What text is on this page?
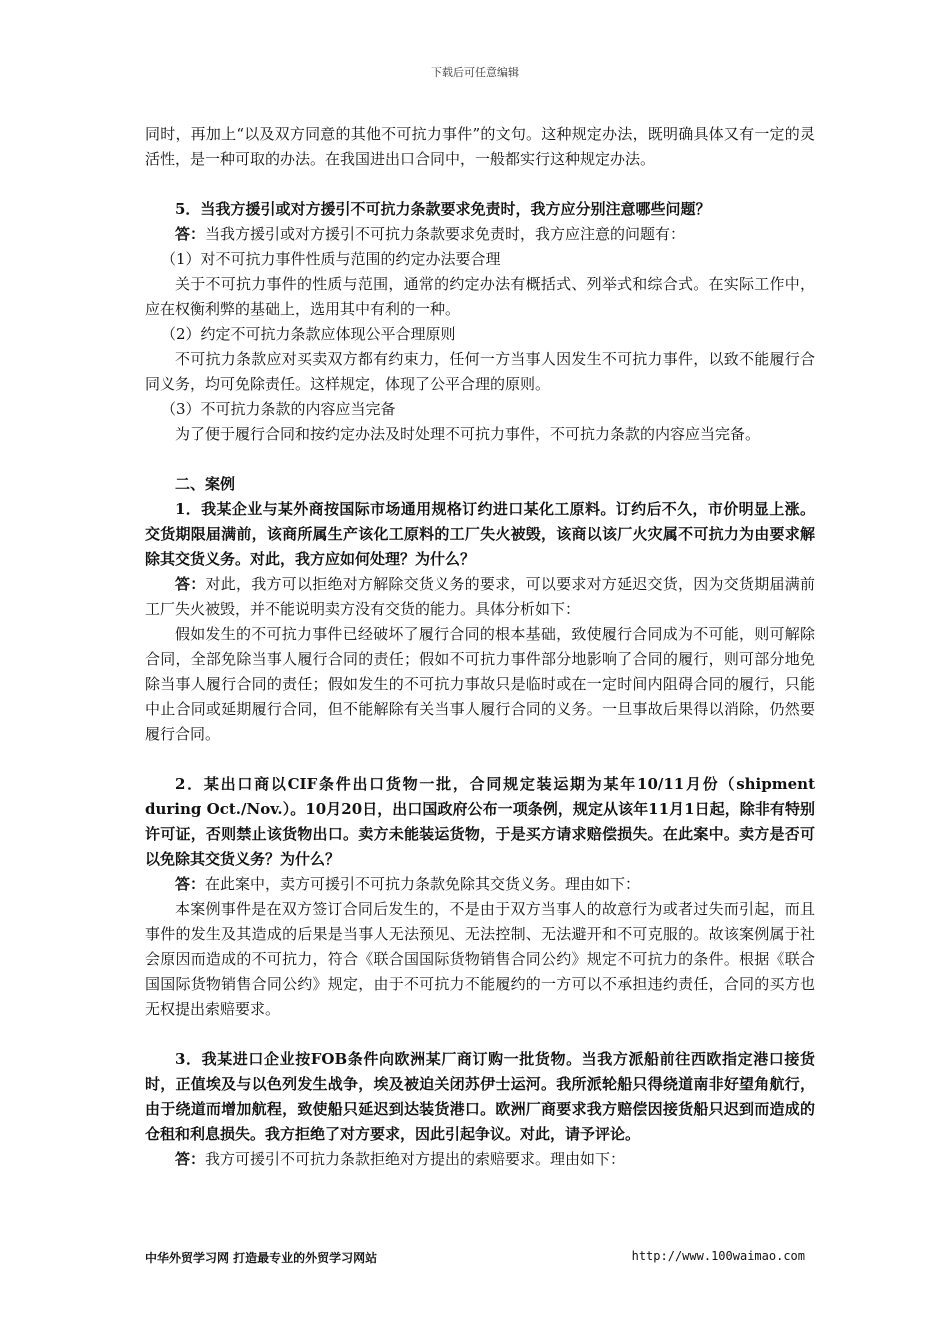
下载后可任意编辑

同时，再加上“以及双方同意的其他不可抗力事件”的文句。这种规定办法，既明确具体又有一定的灵活性，是一种可取的办法。在我国进出口合同中，一般都实行这种规定办法。

5．当我方援引或对方援引不可抗力条款要求免责时，我方应分别注意哪些问题？

答：当我方援引或对方援引不可抗力条款要求免责时，我方应注意的问题有：

（1）对不可抗力事件性质与范围的约定办法要合理

关于不可抗力事件的性质与范围，通常的约定办法有概括式、列举式和综合式。在实际工作中，应在权衡利弊的基础上，选用其中有利的一种。

（2）约定不可抗力条款应体现公平合理原则

不可抗力条款应对买卖双方都有约束力，任何一方当事人因发生不可抗力事件，以致不能履行合同义务，均可免除责任。这样规定，体现了公平合理的原则。

（3）不可抗力条款的内容应当完备

为了便于履行合同和按约定办法及时处理不可抗力事件，不可抗力条款的内容应当完备。

二、案例

1．我某企业与某外商按国际市场通用规格订约进口某化工原料。订约后不久，市价明显上涨。交货期限届满前，该商所属生产该化工原料的工厂失火被毁，该商以该厂火灾属不可抗力为由要求解除其交货义务。对此，我方应如何处理？为什么？

答：对此，我方可以拒绝对方解除交货义务的要求，可以要求对方延迟交货，因为交货期届满前工厂失火被毁，并不能说明卖方没有交货的能力。具体分析如下：

假如发生的不可抗力事件已经破坏了履行合同的根本基础，致使履行合同成为不可能，则可解除合同，全部免除当事人履行合同的责任；假如不可抗力事件部分地影响了合同的履行，则可部分地免除当事人履行合同的责任；假如发生的不可抗力事故只是临时或在一定时间内阻碍合同的履行，只能中止合同或延期履行合同，但不能解除有关当事人履行合同的义务。一旦事故后果得以消除，仍然要履行合同。

2．某出口商以CIF条件出口货物一批，合同规定装运期为某年10/11月份（shipment during Oct./Nov.）。10月20日，出口国政府公布一项条例，规定从该年11月1日起，除非有特别许可证，否则禁止该货物出口。卖方未能装运货物，于是买方请求赔偿损失。在此案中。卖方是否可以免除其交货义务？为什么？

答：在此案中，卖方可援引不可抗力条款免除其交货义务。理由如下：

本案例事件是在双方签订合同后发生的，不是由于双方当事人的故意行为或者过失而引起，而且事件的发生及其造成的后果是当事人无法预见、无法控制、无法避开和不可克服的。故该案例属于社会原因而造成的不可抗力，符合《联合国国际货物销售合同公约》规定不可抗力的条件。根据《联合国国际货物销售合同公约》规定，由于不可抗力不能履约的一方可以不承担违约责任，合同的买方也无权提出索赔要求。

3．我某进口企业按FOB条件向欧洲某厂商订购一批货物。当我方派船前往西欧指定港口接货时，正值埃及与以色列发生战争，埃及被迫关闭苏伊士运河。我所派轮船只得绕道南非好望角航行，由于绕道而增加航程，致使船只延迟到达装货港口。欧洲厂商要求我方赔偿因接货船只迟到而造成的仓租和利息损失。我方拒绝了对方要求，因此引起争议。对此，请予评论。

答：我方可援引不可抗力条款拒绝对方提出的索赔要求。理由如下：

中华外贸学习网 打造最专业的外贸学习网站	http://www.100waimao.com
